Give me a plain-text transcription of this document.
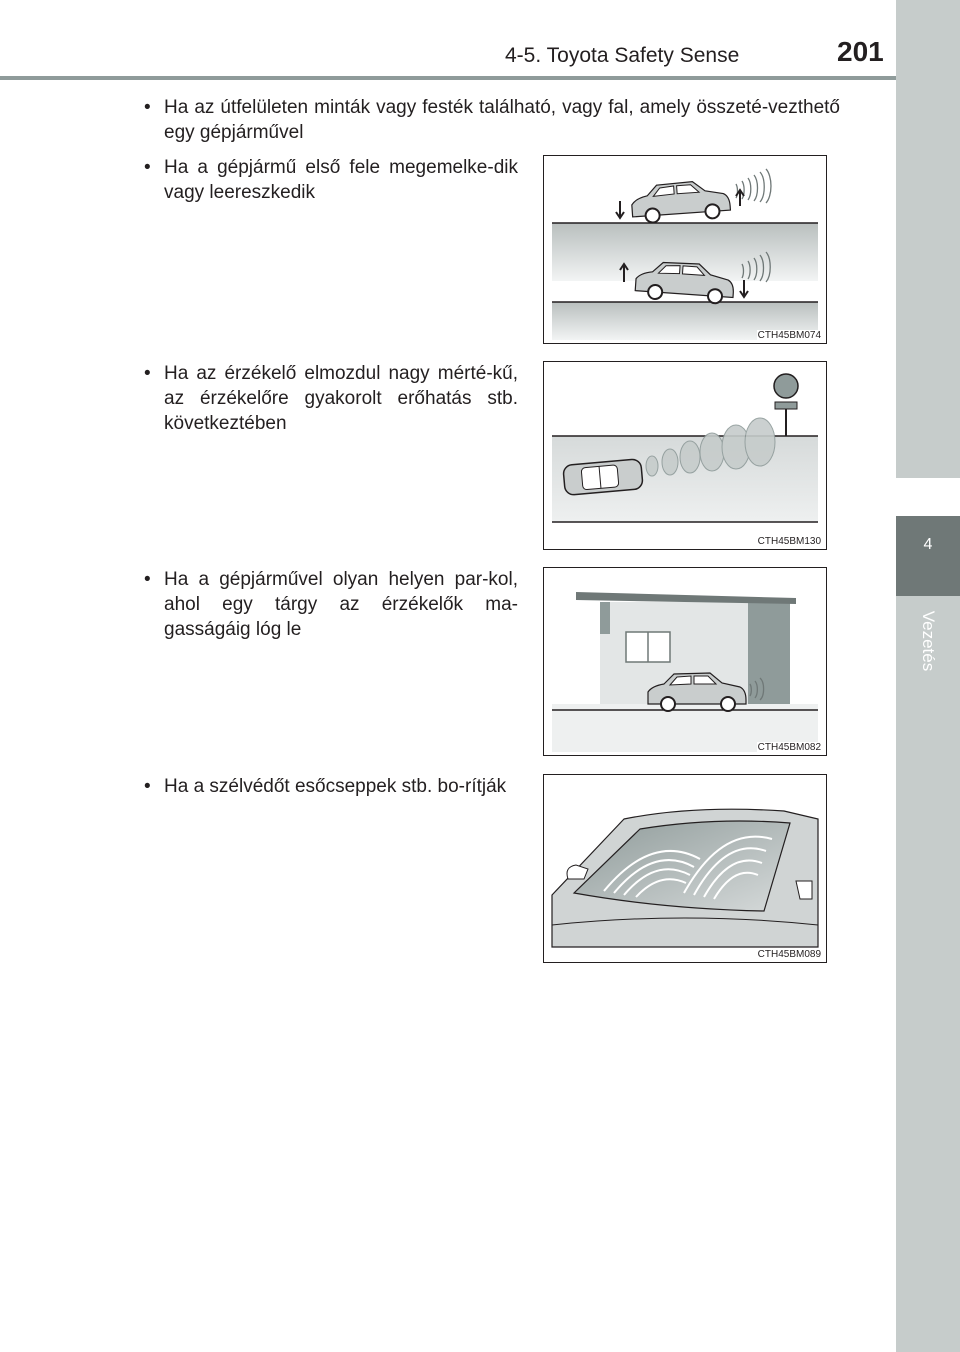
4-5. Toyota Safety Sense	201
4
Vezetés
• Ha az útfelületen minták vagy festék található, vagy fal, amely összeté-vezthető egy gépjárművel
• Ha a gépjármű első fele megemelke-dik vagy leereszkedik
CTH45BM074
• Ha az érzékelő elmozdul nagy mérté-kű, az érzékelőre gyakorolt erőhatás stb. következtében
CTH45BM130
• Ha a gépjárművel olyan helyen par-kol, ahol egy tárgy az érzékelők ma-gasságáig lóg le
CTH45BM082
• Ha a szélvédőt esőcseppek stb. bo-rítják
CTH45BM089
